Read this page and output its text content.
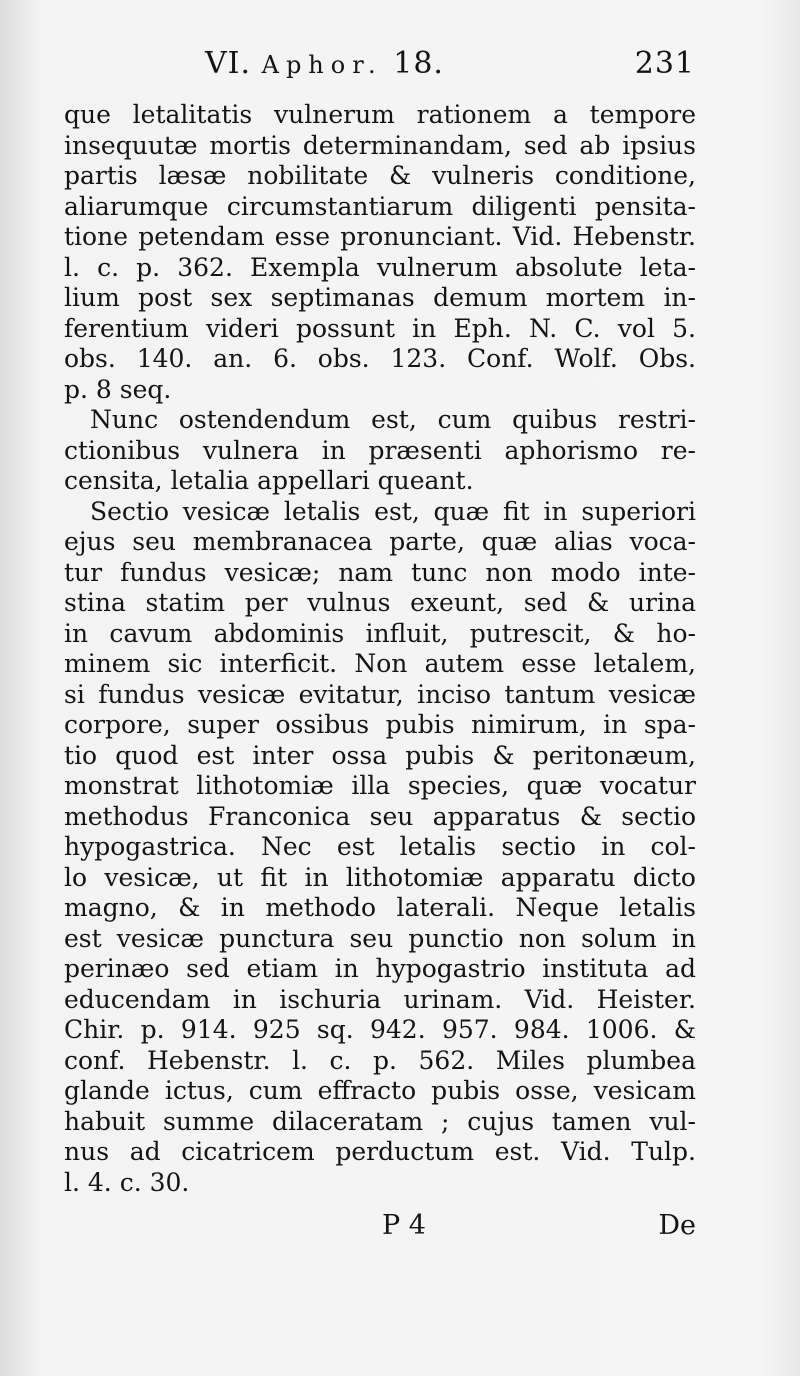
VI. Aphor. 18.	231
que letalitatis vulnerum rationem a tempore
insequutæ mortis determinandam, sed ab ipsius
partis læsæ nobilitate & vulneris conditione,
aliarumque circumstantiarum diligenti pensita-
tione petendam esse pronunciant. Vid. Hebenstr.
l. c. p. 362. Exempla vulnerum absolute leta-
lium post sex septimanas demum mortem in-
ferentium videri possunt in Eph. N. C. vol 5.
obs. 140. an. 6. obs. 123. Conf. Wolf. Obs.
p. 8 seq.
Nunc ostendendum est, cum quibus restri-
ctionibus vulnera in præsenti aphorismo re-
censita, letalia appellari queant.
Sectio vesicæ letalis est, quæ fit in superiori
ejus seu membranacea parte, quæ alias voca-
tur fundus vesicæ; nam tunc non modo inte-
stina statim per vulnus exeunt, sed & urina
in cavum abdominis influit, putrescit, & ho-
minem sic interficit. Non autem esse letalem,
si fundus vesicæ evitatur, inciso tantum vesicæ
corpore, super ossibus pubis nimirum, in spa-
tio quod est inter ossa pubis & peritonæum,
monstrat lithotomiæ illa species, quæ vocatur
methodus Franconica seu apparatus & sectio
hypogastrica. Nec est letalis sectio in col-
lo vesicæ, ut fit in lithotomiæ apparatu dicto
magno, & in methodo laterali. Neque letalis
est vesicæ punctura seu punctio non solum in
perinæo sed etiam in hypogastrio instituta ad
educendam in ischuria urinam. Vid. Heister.
Chir. p. 914. 925 sq. 942. 957. 984. 1006. &
conf. Hebenstr. l. c. p. 562. Miles plumbea
glande ictus, cum effracto pubis osse, vesicam
habuit summe dilaceratam ; cujus tamen vul-
nus ad cicatricem perductum est. Vid. Tulp.
l. 4. c. 30.
P 4	De
